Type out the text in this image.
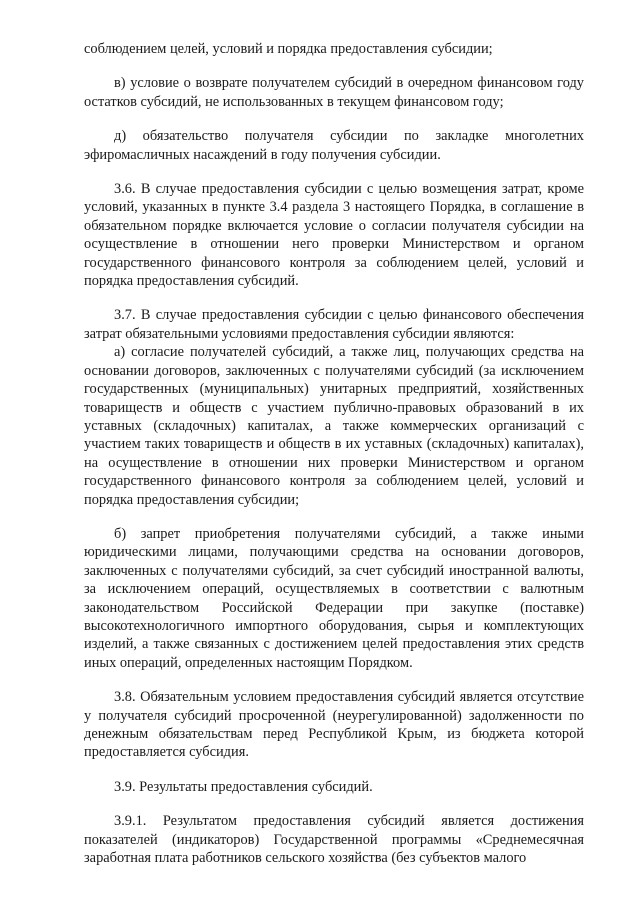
соблюдением целей, условий и порядка предоставления субсидии;

в) условие о возврате получателем субсидий в очередном финансовом году остатков субсидий, не использованных в текущем финансовом году;

д) обязательство получателя субсидии по закладке многолетних эфиромасличных насаждений в году получения субсидии.

3.6. В случае предоставления субсидии с целью возмещения затрат, кроме условий, указанных в пункте 3.4 раздела 3 настоящего Порядка, в соглашение в обязательном порядке включается условие о согласии получателя субсидии на осуществление в отношении него проверки Министерством и органом государственного финансового контроля за соблюдением целей, условий и порядка предоставления субсидий.

3.7. В случае предоставления субсидии с целью финансового обеспечения затрат обязательными условиями предоставления субсидии являются:

а) согласие получателей субсидий, а также лиц, получающих средства на основании договоров, заключенных с получателями субсидий (за исключением государственных (муниципальных) унитарных предприятий, хозяйственных товариществ и обществ с участием публично-правовых образований в их уставных (складочных) капиталах, а также коммерческих организаций с участием таких товариществ и обществ в их уставных (складочных) капиталах), на осуществление в отношении них проверки Министерством и органом государственного финансового контроля за соблюдением целей, условий и порядка предоставления субсидии;

б) запрет приобретения получателями субсидий, а также иными юридическими лицами, получающими средства на основании договоров, заключенных с получателями субсидий, за счет субсидий иностранной валюты, за исключением операций, осуществляемых в соответствии с валютным законодательством Российской Федерации при закупке (поставке) высокотехнологичного импортного оборудования, сырья и комплектующих изделий, а также связанных с достижением целей предоставления этих средств иных операций, определенных настоящим Порядком.

3.8. Обязательным условием предоставления субсидий является отсутствие у получателя субсидий просроченной (неурегулированной) задолженности по денежным обязательствам перед Республикой Крым, из бюджета которой предоставляется субсидия.

3.9. Результаты предоставления субсидий.

3.9.1. Результатом предоставления субсидий является достижения показателей (индикаторов) Государственной программы «Среднемесячная заработная плата работников сельского хозяйства (без субъектов малого
